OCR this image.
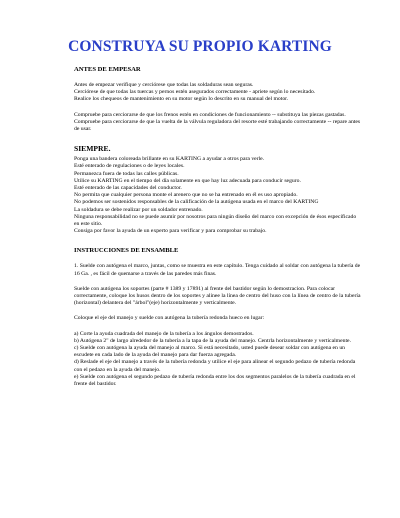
CONSTRUYA SU PROPIO KARTING
ANTES DE EMPESAR

Antes de empezar verifique y cerciórese que todas las soldaduras sean seguras.

Cerciórese de que todas las tuercas y pernos estén asegurados correctamente - apriete según lo necesitado.

Realice los chequeos de mantenimiento en su motor según lo descrito en su manual del motor.

Compruebe para cerciorarse de que los frenos estén en condiciones de funcionamiento -- substituya las piezas gastadas. Compruebe para cerciorarse de que la vuelta de la válvula reguladora del resorte esté trabajando correctamente -- repare antes de usar.

SIEMPRE.

Ponga una bandera coloreada brillante en su KARTING a ayudar a otros para verle.

Esté enterado de regulaciones o de leyes locales.

Permanezca fuera de todas las calles públicas.

Utilice su KARTING en el tiempo del día solamente en que hay luz adecuada para conducir seguro.

Esté enterado de las capacidades del conductor.

No permita que cualquier persona monte el arenero que no se ha entrenado en él es uso apropiado.

No podemos ser sostenidos responsables de la calificación de la autógena usada en el marco del KARTING

La soldadura se debe realizar por un soldador entrenado.

Ninguna responsabilidad no se puede asumir por nosotros para ningún diseño del marco con excepción de ésos especificado en este sitio.

Consiga por favor la ayuda de un experto para verificar y para comprobar su trabajo.

INSTRUCCIONES DE ENSAMBLE

1. Suelde con autógena el marco, juntas, como se muestra en este capítulo. Tenga cuidado al soldar con autógena la tubería de 16 Ga. , es fácil de quemarse a través de las paredes más finas.

Suelde con autógena los soportes (parte # 1389 y 17891) al frente del bastidor según lo demostracion. Para colocar correctamente, coloque los husos dentro de los soportes y alinee la línea de centro del huso con la línea de centro de la tubería (horizontal) delantera del "árbol"(eje) horizontalmente y verticalmente.

Coloque el eje del manejo y suelde con autógena la tubería redonda hueco en lugar:

a) Corte la ayuda cuadrada del manejo de la tubería a los ángulos demostrados.

b) Autógena 2" de largo alrededor de la tubería a la tapa de la ayuda del manejo. Centrla horizontalmente y verticalmente.

c) Suelde con autógena la ayuda del manejo al marco. Si está necesitado, usted puede desear soldar con autógena en un escudete en cada lado de la ayuda del manejo para dar fuerza agregada.

d) Reslade el eje del manejo a través de la tubería redonda y utilice el eje para alinear el segundo pedazo de tubería redonda con el pedazo en la ayuda del manejo.

e) Suelde con autógena el segundo pedazo de tubería redonda entre los dos segmentos paralelos de la tubería cuadrada en el frente del bastidor.
